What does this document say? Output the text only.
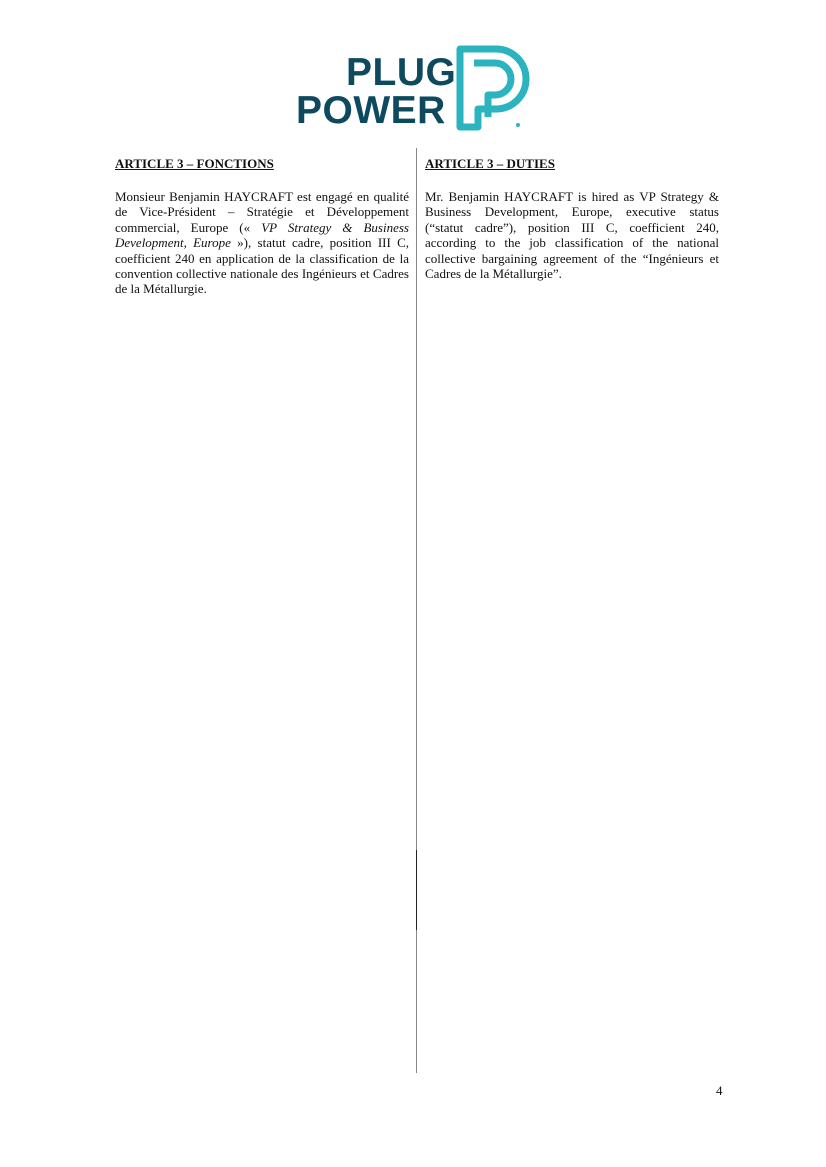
PLUG
POWER

ARTICLE 3 – FONCTIONS

Monsieur Benjamin HAYCRAFT est engagé en qualité de Vice-Président – Stratégie et Développement commercial, Europe (« VP Strategy & Business Development, Europe »), statut cadre, position III C, coefficient 240 en application de la classification de la convention collective nationale des Ingénieurs et Cadres de la Métallurgie.

ARTICLE 3 – DUTIES

Mr. Benjamin HAYCRAFT is hired as VP Strategy & Business Development, Europe, executive status (“statut cadre”), position III C, coefficient 240, according to the job classification of the national collective bargaining agreement of the “Ingénieurs et Cadres de la Métallurgie”.

4
